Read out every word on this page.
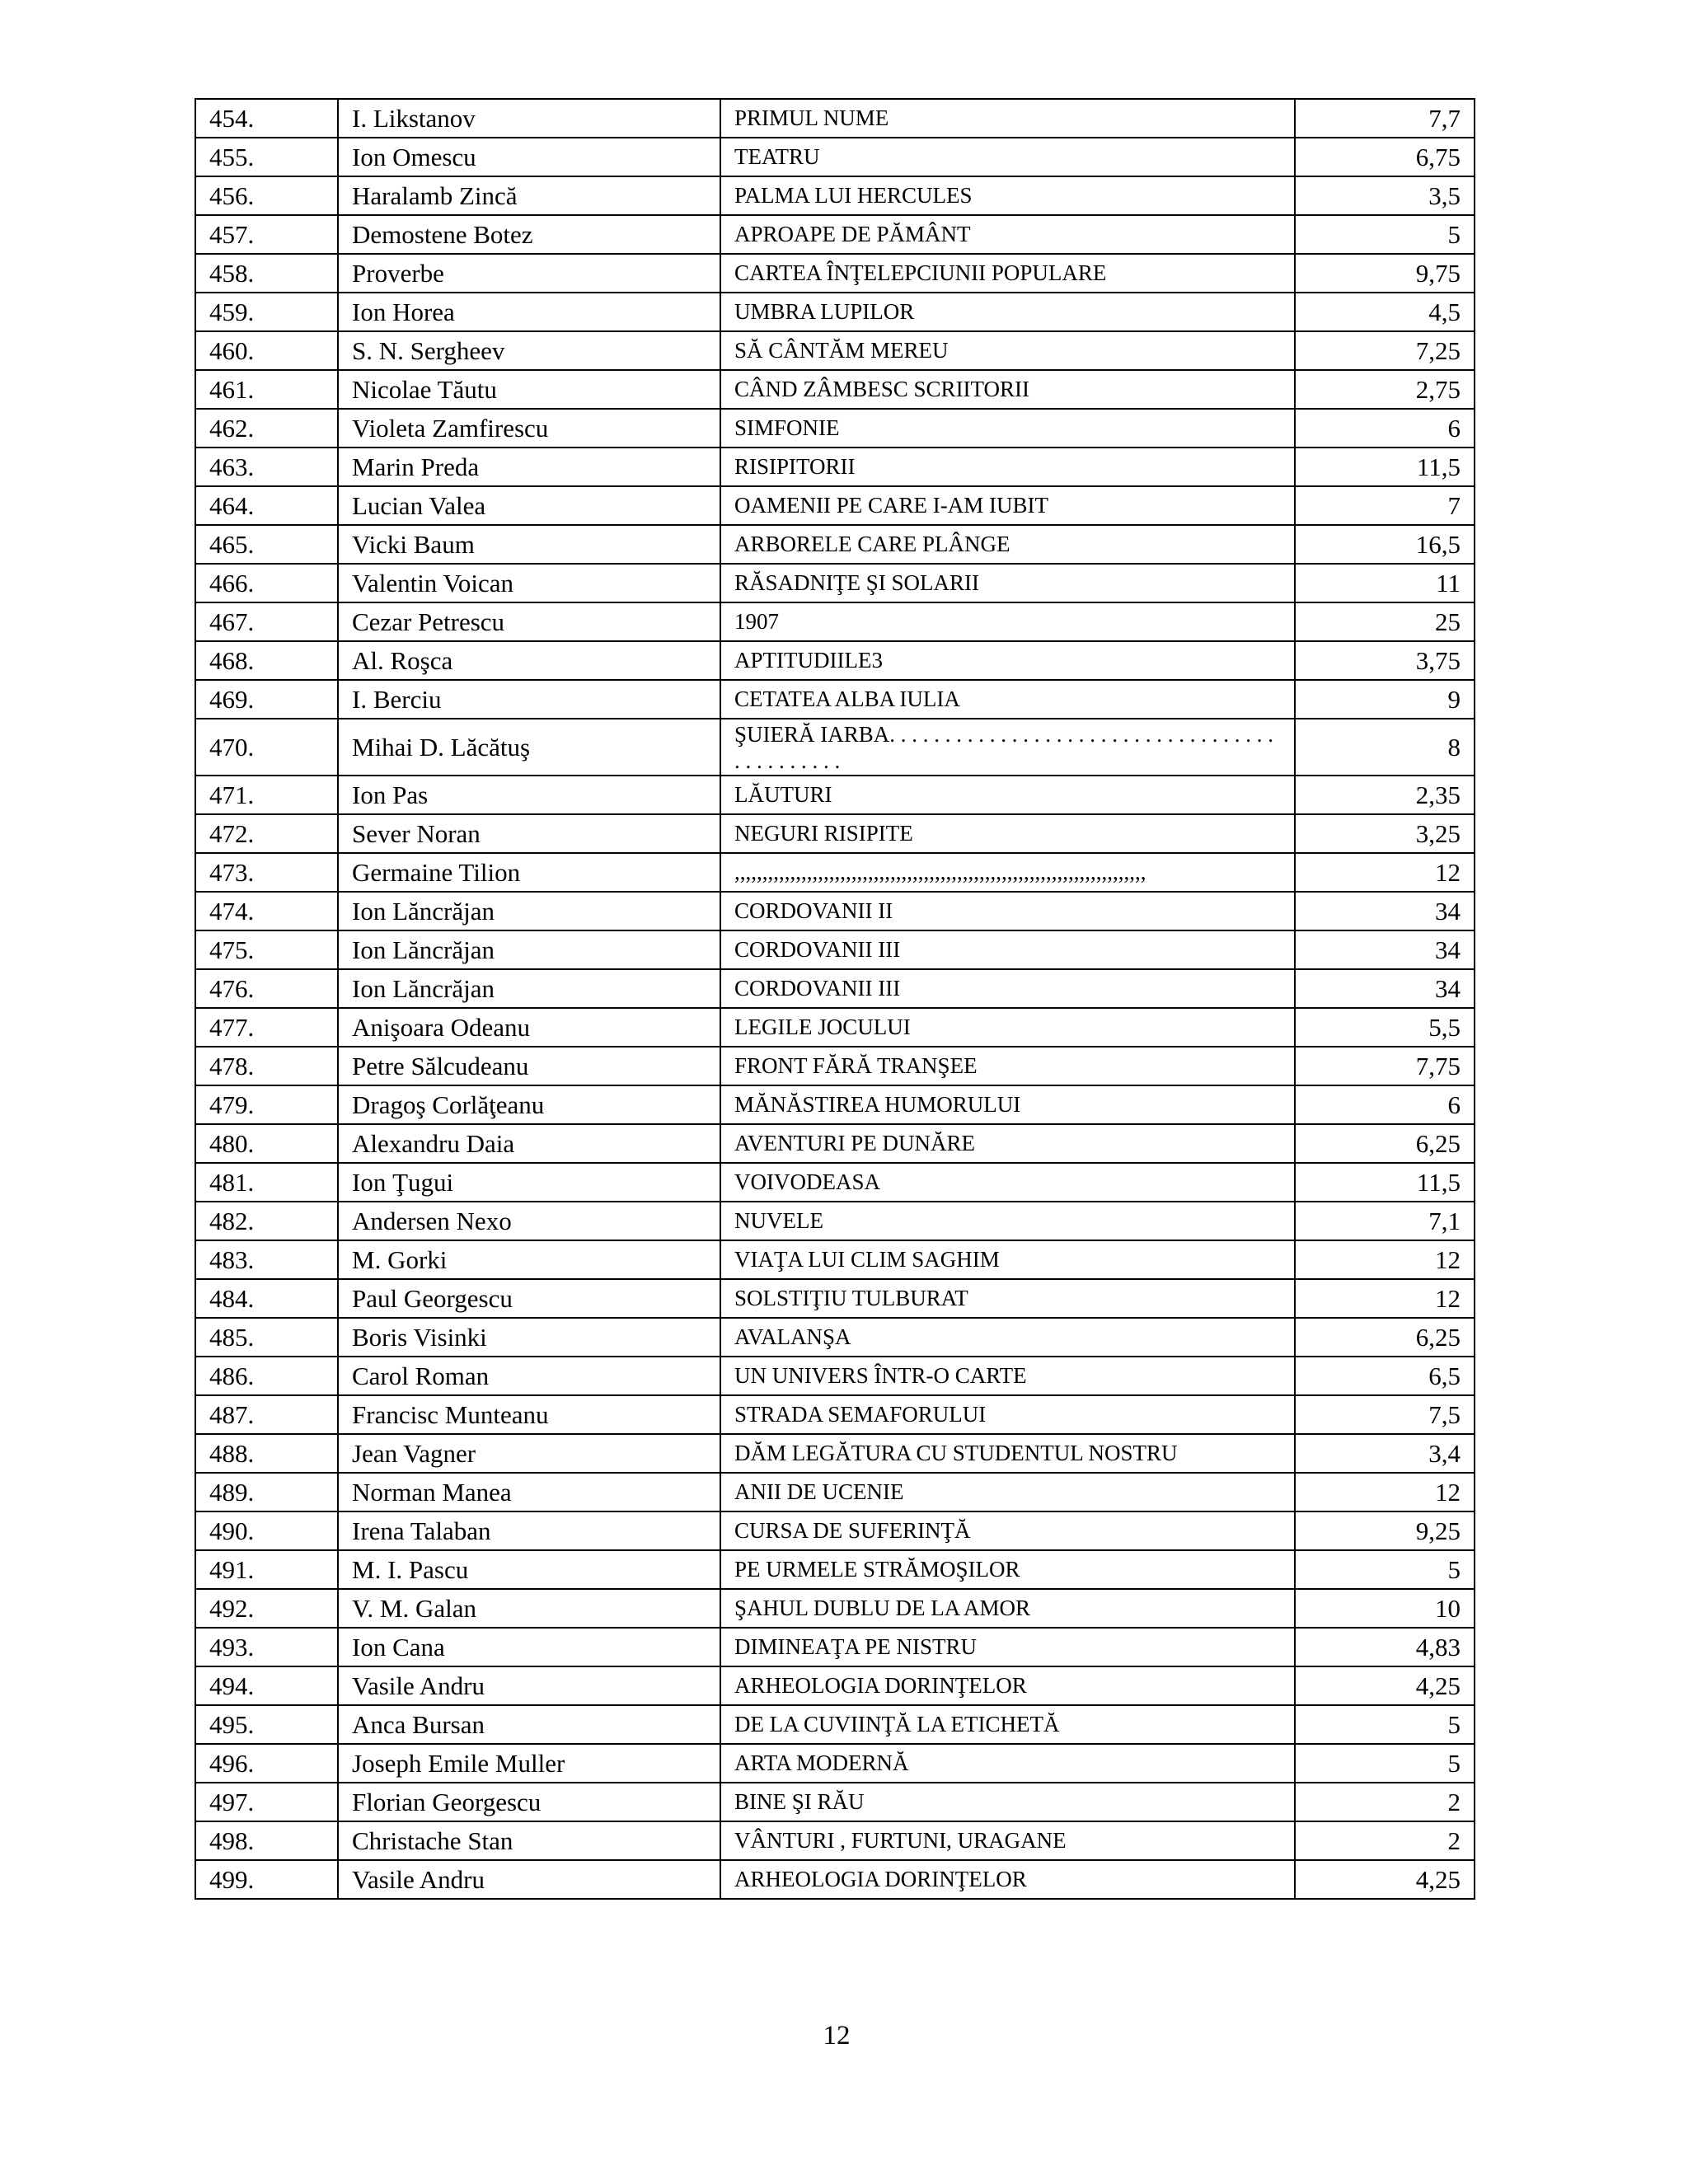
454.	I. Likstanov	PRIMUL NUME	7,7
455.	Ion Omescu	TEATRU	6,75
456.	Haralamb Zincă	PALMA LUI HERCULES	3,5
457.	Demostene Botez	APROAPE DE PĂMÂNT	5
458.	Proverbe	CARTEA ÎNŢELEPCIUNII POPULARE	9,75
459.	Ion Horea	UMBRA LUPILOR	4,5
460.	S. N. Sergheev	SĂ CÂNTĂM MEREU	7,25
461.	Nicolae Tăutu	CÂND ZÂMBESC SCRIITORII	2,75
462.	Violeta Zamfirescu	SIMFONIE	6
463.	Marin Preda	RISIPITORII	11,5
464.	Lucian Valea	OAMENII PE CARE I-AM IUBIT	7
465.	Vicki Baum	ARBORELE CARE PLÂNGE	16,5
466.	Valentin Voican	RĂSADNIŢE ŞI SOLARII	11
467.	Cezar Petrescu	1907	25
468.	Al. Roşca	APTITUDIILE3	3,75
469.	I. Berciu	CETATEA ALBA IULIA	9
470.	Mihai D. Lăcătuş	ŞUIERĂ IARBA. . . . . . . . . . . . . . . . . . . . . . . . . . . . . . . . . . . . . . . . . . . . .	8
471.	Ion Pas	LĂUTURI	2,35
472.	Sever Noran	NEGURI RISIPITE	3,25
473.	Germaine Tilion	,,,,,,,,,,,,,,,,,,,,,,,,,,,,,,,,,,,,,,,,,,,,,,,,,,,,,,,,,,,,,,,,,,,,,,,,,,	12
474.	Ion Lăncrăjan	CORDOVANII II	34
475.	Ion Lăncrăjan	CORDOVANII III	34
476.	Ion Lăncrăjan	CORDOVANII III	34
477.	Anişoara Odeanu	LEGILE JOCULUI	5,5
478.	Petre Sălcudeanu	FRONT FĂRĂ TRANŞEE	7,75
479.	Dragoş Corlăţeanu	MĂNĂSTIREA HUMORULUI	6
480.	Alexandru Daia	AVENTURI PE DUNĂRE	6,25
481.	Ion Ţugui	VOIVODEASA	11,5
482.	Andersen Nexo	NUVELE	7,1
483.	M. Gorki	VIAŢA LUI CLIM SAGHIM	12
484.	Paul Georgescu	SOLSTIŢIU TULBURAT	12
485.	Boris Visinki	AVALANŞA	6,25
486.	Carol Roman	UN UNIVERS ÎNTR-O CARTE	6,5
487.	Francisc Munteanu	STRADA SEMAFORULUI	7,5
488.	Jean Vagner	DĂM LEGĂTURA CU STUDENTUL NOSTRU	3,4
489.	Norman Manea	ANII DE UCENIE	12
490.	Irena Talaban	CURSA DE SUFERINŢĂ	9,25
491.	M. I. Pascu	PE URMELE STRĂMOŞILOR	5
492.	V. M. Galan	ŞAHUL DUBLU DE LA AMOR	10
493.	Ion Cana	DIMINEAŢA PE NISTRU	4,83
494.	Vasile Andru	ARHEOLOGIA DORINŢELOR	4,25
495.	Anca Bursan	DE LA CUVIINŢĂ LA ETICHETĂ	5
496.	Joseph Emile Muller	ARTA MODERNĂ	5
497.	Florian Georgescu	BINE ŞI RĂU	2
498.	Christache Stan	VÂNTURI , FURTUNI, URAGANE	2
499.	Vasile Andru	ARHEOLOGIA DORINŢELOR	4,25
12
